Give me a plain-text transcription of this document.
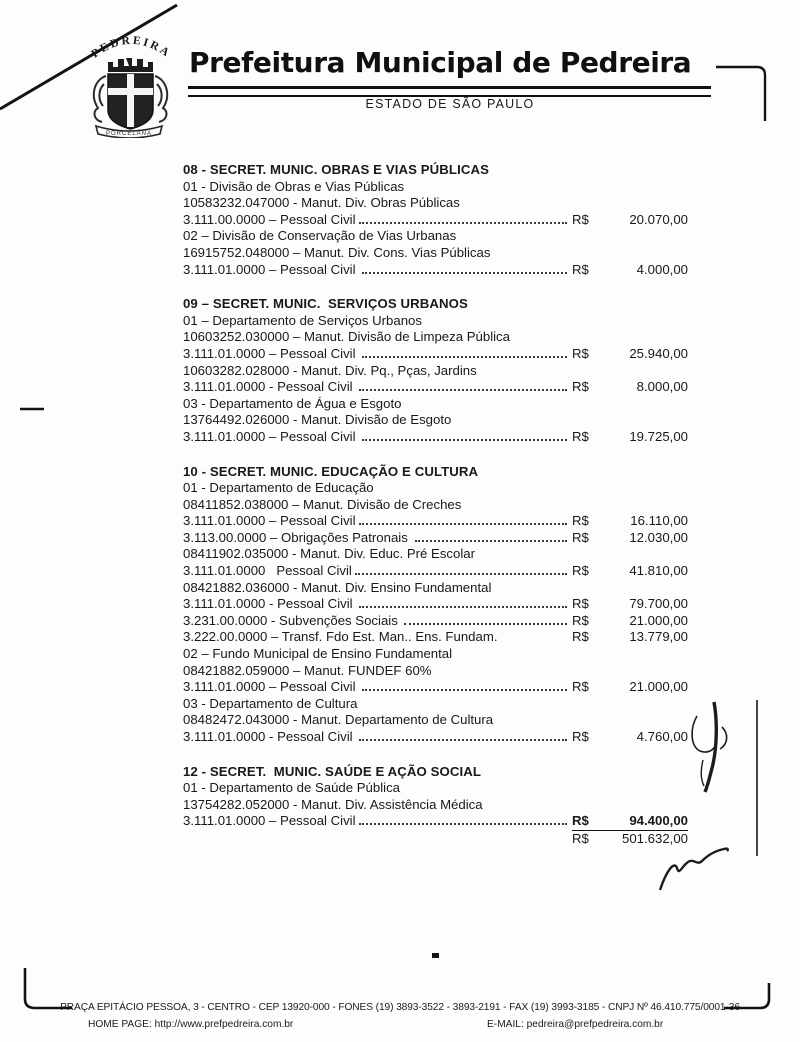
PEDREIRA
PORCELANA
Prefeitura Municipal de Pedreira
ESTADO DE SÃO PAULO
08 - SECRET. MUNIC. OBRAS E VIAS PÚBLICAS
01 - Divisão de Obras e Vias Públicas
10583232.047000 - Manut. Div. Obras Públicas
3.111.00.0000 – Pessoal Civil	R$	20.070,00
02 – Divisão de Conservação de Vias Urbanas
16915752.048000 – Manut. Div. Cons. Vias Públicas
3.111.01.0000 – Pessoal Civil	R$	4.000,00
09 – SECRET. MUNIC.  SERVIÇOS URBANOS
01 – Departamento de Serviços Urbanos
10603252.030000 – Manut. Divisão de Limpeza Pública
3.111.01.0000 – Pessoal Civil	R$	25.940,00
10603282.028000 - Manut. Div. Pq., Pças, Jardins
3.111.01.0000 - Pessoal Civil	R$	8.000,00
03 - Departamento de Água e Esgoto
13764492.026000 - Manut. Divisão de Esgoto
3.111.01.0000 – Pessoal Civil	R$	19.725,00
10 - SECRET. MUNIC. EDUCAÇÃO E CULTURA
01 - Departamento de Educação
08411852.038000 – Manut. Divisão de Creches
3.111.01.0000 – Pessoal Civil	R$	16.110,00
3.113.00.0000 – Obrigações Patronais	R$	12.030,00
08411902.035000 - Manut. Div. Educ. Pré Escolar
3.111.01.0000   Pessoal Civil	R$	41.810,00
08421882.036000 - Manut. Div. Ensino Fundamental
3.111.01.0000 - Pessoal Civil	R$	79.700,00
3.231.00.0000 - Subvenções Sociais	R$	21.000,00
3.222.00.0000 – Transf. Fdo Est. Man.. Ens. Fundam.	R$	13.779,00
02 – Fundo Municipal de Ensino Fundamental
08421882.059000 – Manut. FUNDEF 60%
3.111.01.0000 – Pessoal Civil	R$	21.000,00
03 - Departamento de Cultura
08482472.043000 - Manut. Departamento de Cultura
3.111.01.0000 - Pessoal Civil	R$	4.760,00
12 - SECRET.  MUNIC. SAÚDE E AÇÃO SOCIAL
01 - Departamento de Saúde Pública
13754282.052000 - Manut. Div. Assistência Médica
3.111.01.0000 – Pessoal Civil	R$	94.400,00
R$	501.632,00
PRAÇA EPITÁCIO PESSOA, 3 - CENTRO - CEP 13920-000 - FONES (19) 3893-3522 - 3893-2191 - FAX (19) 3993-3185 - CNPJ Nº 46.410.775/0001-36
HOME PAGE: http://www.prefpedreira.com.br	E-MAIL: pedreira@prefpedreira.com.br
